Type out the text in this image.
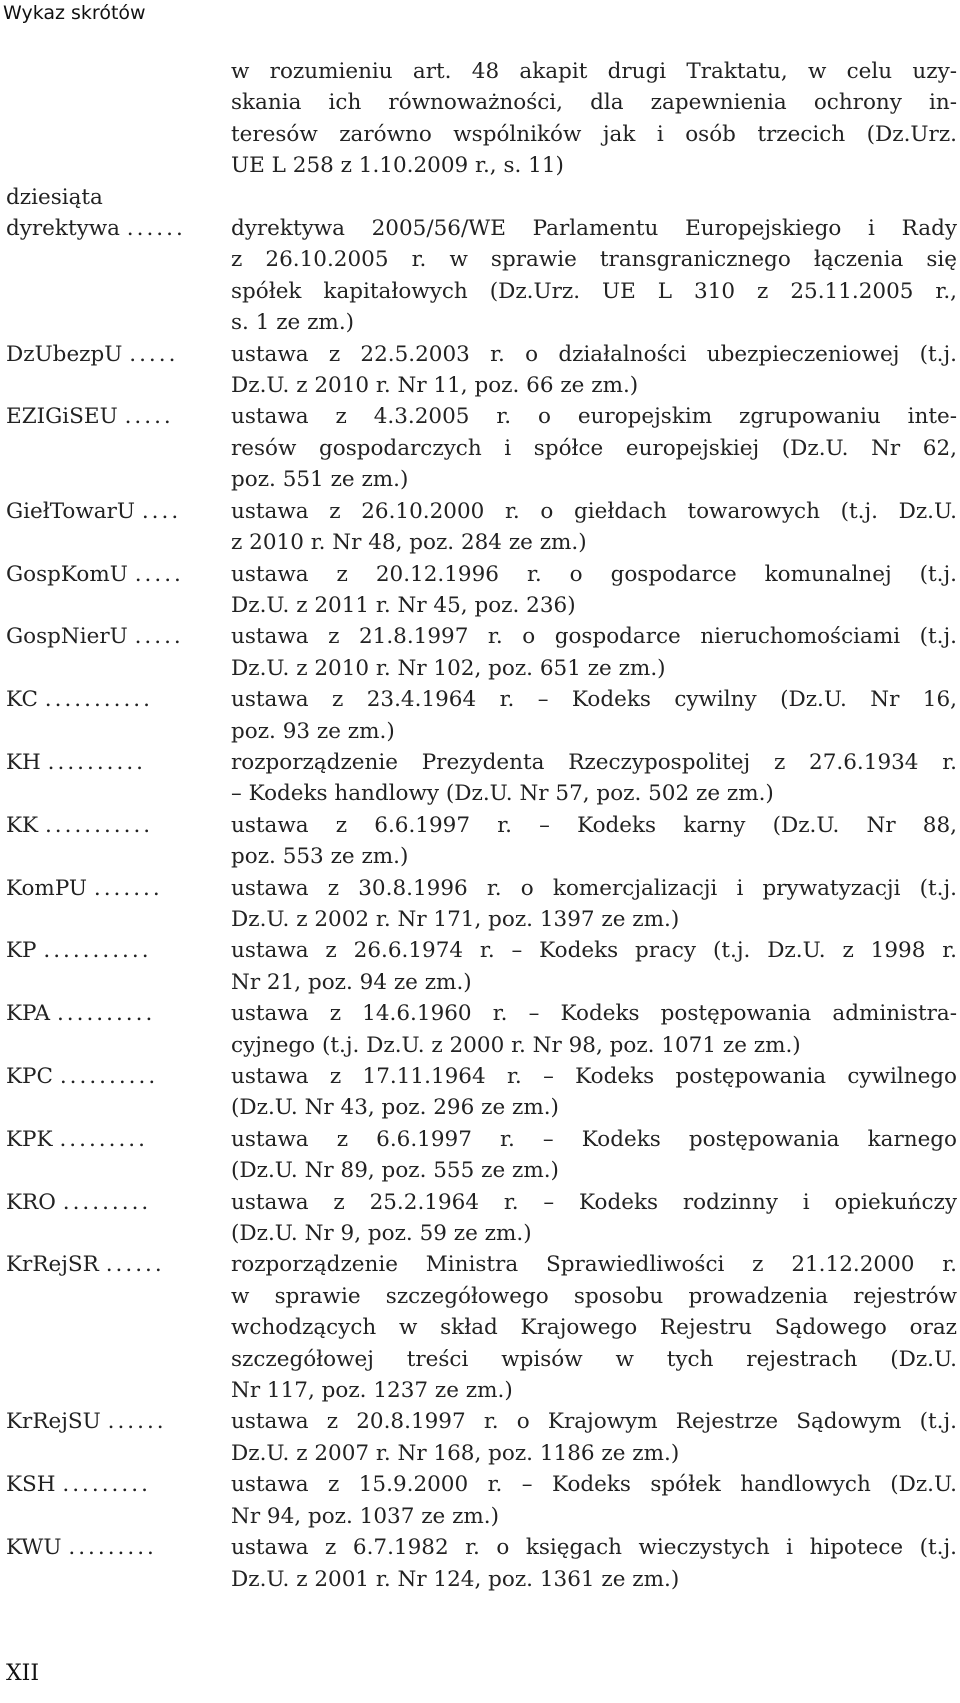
Wykaz skrótów
w rozumieniu art. 48 akapit drugi Traktatu, w celu uzy-
skania ich równoważności, dla zapewnienia ochrony in-
teresów zarówno wspólników jak i osób trzecich (Dz.Urz.
UE L 258 z 1.10.2009 r., s. 11)
dziesiąta
dyrektywa ......	dyrektywa 2005/56/WE Parlamentu Europejskiego i Rady
z 26.10.2005 r. w sprawie transgranicznego łączenia się
spółek kapitałowych (Dz.Urz. UE L 310 z 25.11.2005 r.,
s. 1 ze zm.)
DzUbezpU .....	ustawa z 22.5.2003 r. o działalności ubezpieczeniowej (t.j.
Dz.U. z 2010 r. Nr 11, poz. 66 ze zm.)
EZIGiSEU .....	ustawa z 4.3.2005 r. o europejskim zgrupowaniu inte-
resów gospodarczych i spółce europejskiej (Dz.U. Nr 62,
poz. 551 ze zm.)
GiełTowarU ....	ustawa z 26.10.2000 r. o giełdach towarowych (t.j. Dz.U.
z 2010 r. Nr 48, poz. 284 ze zm.)
GospKomU .....	ustawa z 20.12.1996 r. o gospodarce komunalnej (t.j.
Dz.U. z 2011 r. Nr 45, poz. 236)
GospNierU .....	ustawa z 21.8.1997 r. o gospodarce nieruchomościami (t.j.
Dz.U. z 2010 r. Nr 102, poz. 651 ze zm.)
KC ...........	ustawa z 23.4.1964 r. – Kodeks cywilny (Dz.U. Nr 16,
poz. 93 ze zm.)
KH ..........	rozporządzenie Prezydenta Rzeczypospolitej z 27.6.1934 r.
– Kodeks handlowy (Dz.U. Nr 57, poz. 502 ze zm.)
KK ...........	ustawa z 6.6.1997 r. – Kodeks karny (Dz.U. Nr 88,
poz. 553 ze zm.)
KomPU .......	ustawa z 30.8.1996 r. o komercjalizacji i prywatyzacji (t.j.
Dz.U. z 2002 r. Nr 171, poz. 1397 ze zm.)
KP ...........	ustawa z 26.6.1974 r. – Kodeks pracy (t.j. Dz.U. z 1998 r.
Nr 21, poz. 94 ze zm.)
KPA ..........	ustawa z 14.6.1960 r. – Kodeks postępowania administra-
cyjnego (t.j. Dz.U. z 2000 r. Nr 98, poz. 1071 ze zm.)
KPC ..........	ustawa z 17.11.1964 r. – Kodeks postępowania cywilnego
(Dz.U. Nr 43, poz. 296 ze zm.)
KPK .........	ustawa z 6.6.1997 r. – Kodeks postępowania karnego
(Dz.U. Nr 89, poz. 555 ze zm.)
KRO .........	ustawa z 25.2.1964 r. – Kodeks rodzinny i opiekuńczy
(Dz.U. Nr 9, poz. 59 ze zm.)
KrRejSR ......	rozporządzenie Ministra Sprawiedliwości z 21.12.2000 r.
w sprawie szczegółowego sposobu prowadzenia rejestrów
wchodzących w skład Krajowego Rejestru Sądowego oraz
szczegółowej treści wpisów w tych rejestrach (Dz.U.
Nr 117, poz. 1237 ze zm.)
KrRejSU ......	ustawa z 20.8.1997 r. o Krajowym Rejestrze Sądowym (t.j.
Dz.U. z 2007 r. Nr 168, poz. 1186 ze zm.)
KSH .........	ustawa z 15.9.2000 r. – Kodeks spółek handlowych (Dz.U.
Nr 94, poz. 1037 ze zm.)
KWU .........	ustawa z 6.7.1982 r. o księgach wieczystych i hipotece (t.j.
Dz.U. z 2001 r. Nr 124, poz. 1361 ze zm.)
XII
